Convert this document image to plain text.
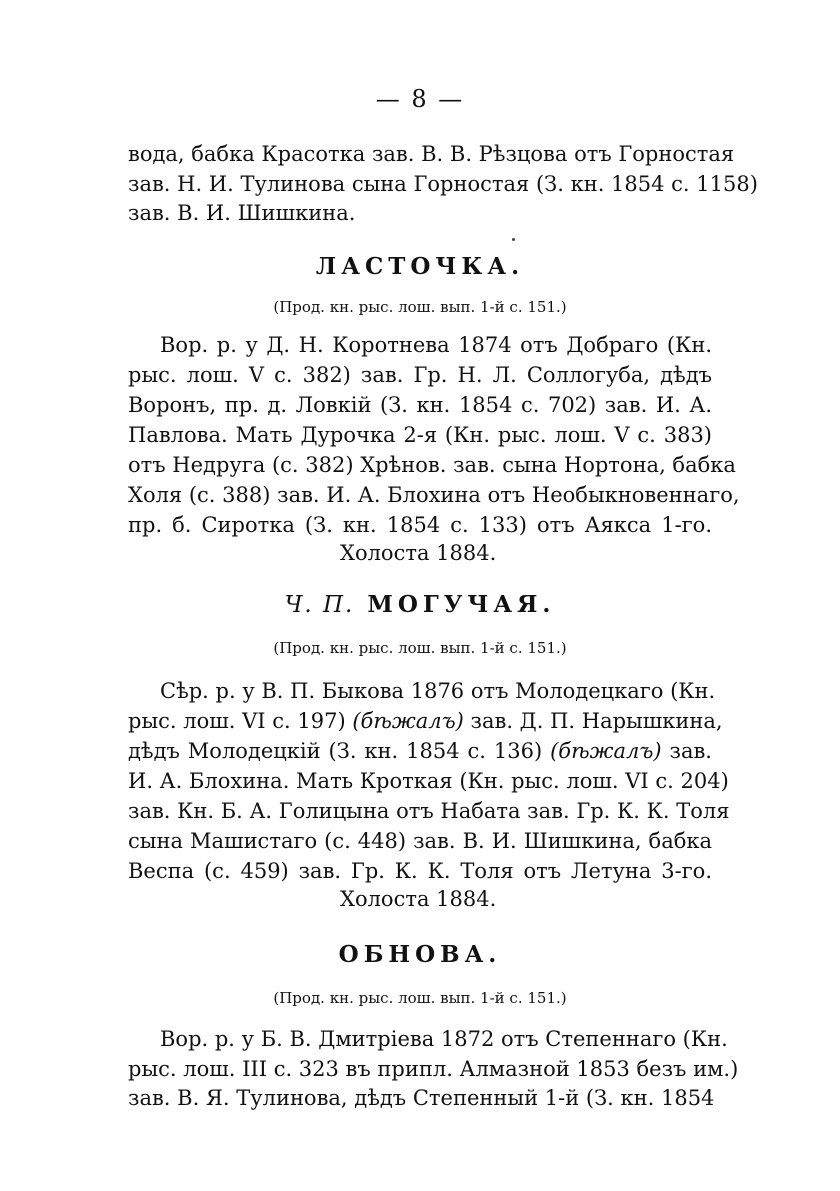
— 8 —
вода, бабка Красотка зав. В. В. Рѣзцова отъ Горностая
зав. Н. И. Тулинова сына Горностая (З. кн. 1854 с. 1158)
зав. В. И. Шишкина.
ЛАСТОЧКА.
(Прод. кн. рыс. лош. вып. 1-й с. 151.)
Вор. р. у Д. Н. Коротнева 1874 отъ Добраго (Кн.
рыс. лош. V с. 382) зав. Гр. Н. Л. Соллогуба, дѣдъ
Воронъ, пр. д. Ловкій (З. кн. 1854 с. 702) зав. И. А.
Павлова. Мать Дурочка 2-я (Кн. рыс. лош. V с. 383)
отъ Недруга (с. 382) Хрѣнов. зав. сына Нортона, бабка
Холя (с. 388) зав. И. А. Блохина отъ Необыкновеннаго,
пр. б. Сиротка (З. кн. 1854 с. 133) отъ Аякса 1-го.
Холоста 1884.
Ч. П. МОГУЧАЯ.
(Прод. кн. рыс. лош. вып. 1-й с. 151.)
Сѣр. р. у В. П. Быкова 1876 отъ Молодецкаго (Кн.
рыс. лош. VI с. 197) (бѣжалъ) зав. Д. П. Нарышкина,
дѣдъ Молодецкій (З. кн. 1854 с. 136) (бѣжалъ) зав.
И. А. Блохина. Мать Кроткая (Кн. рыс. лош. VI с. 204)
зав. Кн. Б. А. Голицына отъ Набата зав. Гр. К. К. Толя
сына Машистаго (с. 448) зав. В. И. Шишкина, бабка
Веспа (с. 459) зав. Гр. К. К. Толя отъ Летуна 3-го.
Холоста 1884.
ОБНОВА.
(Прод. кн. рыс. лош. вып. 1-й с. 151.)
Вор. р. у Б. В. Дмитріева 1872 отъ Степеннаго (Кн.
рыс. лош. III с. 323 въ припл. Алмазной 1853 безъ им.)
зав. В. Я. Тулинова, дѣдъ Степенный 1-й (З. кн. 1854
